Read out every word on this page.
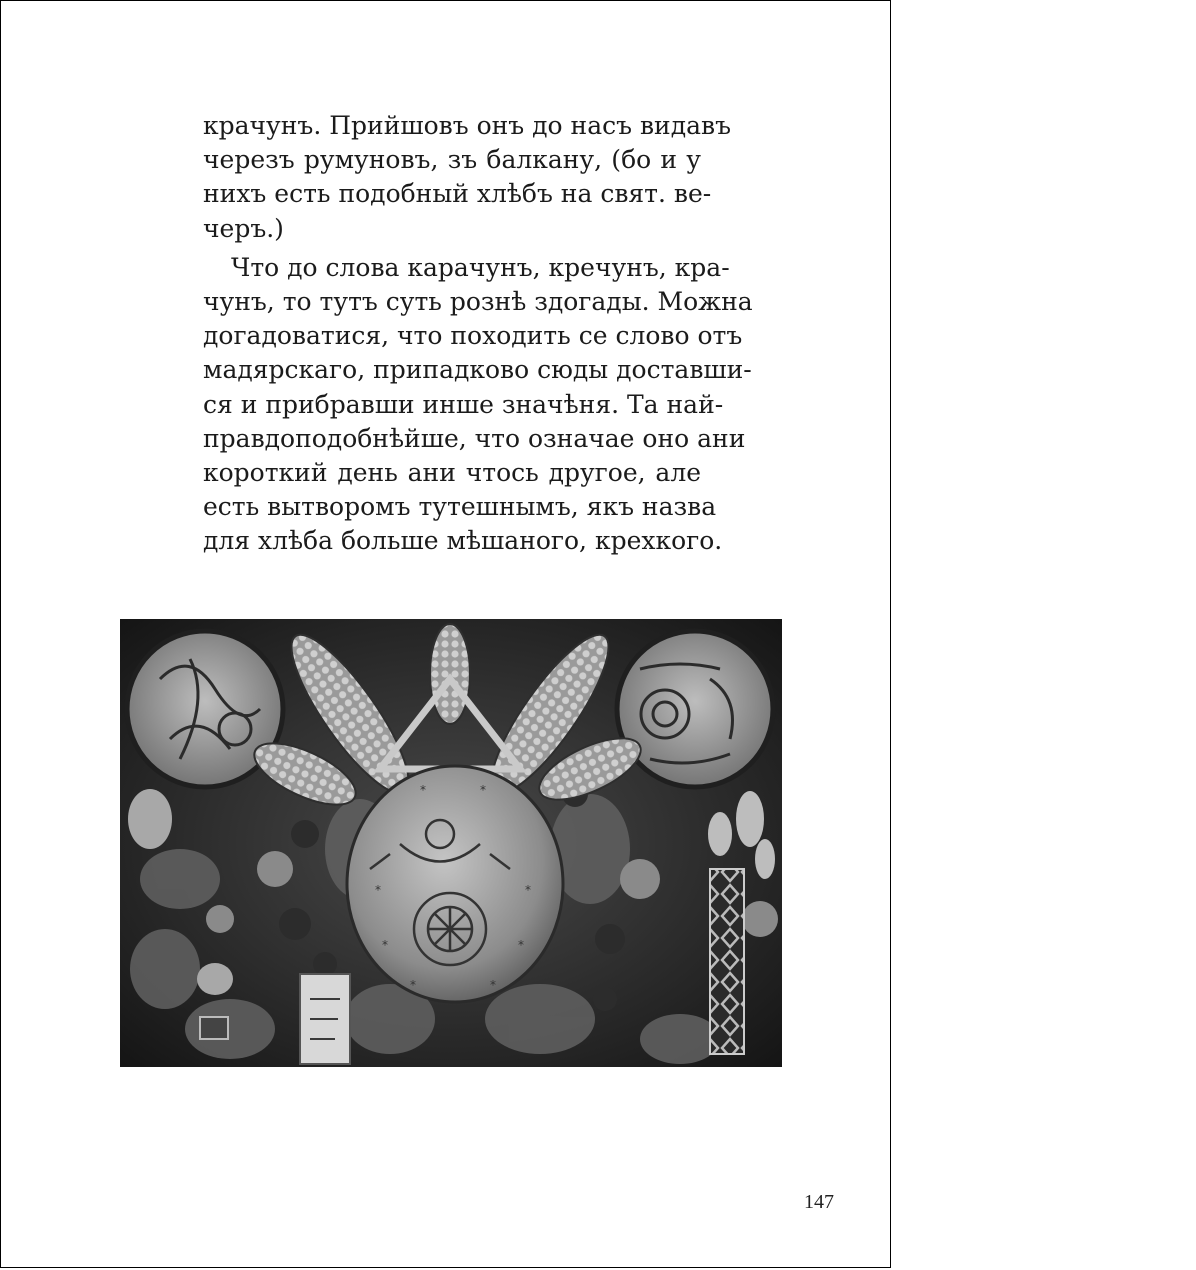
крачунъ. Прийшовъ онъ до насъ видавъ
черезъ румуновъ, зъ балкану, (бо и у
нихъ есть подобный хлѣбъ на свят. ве-
черъ.)

Что до слова карачунъ, кречунъ, кра-
чунъ, то тутъ суть рознѣ здогады. Можна
догадоватися, что походить се слово отъ
мадярскаго, припадково сюды доставши-
ся и прибравши инше значѣня. Та най-
правдоподобнѣйше, что означае оно ани
короткий день ани чтось другое, але
есть вытворомъ тутешнымъ, якъ назва
для хлѣба больше мѣшаного, крехкого.

*	*
*	*
*	*
*	*
147
